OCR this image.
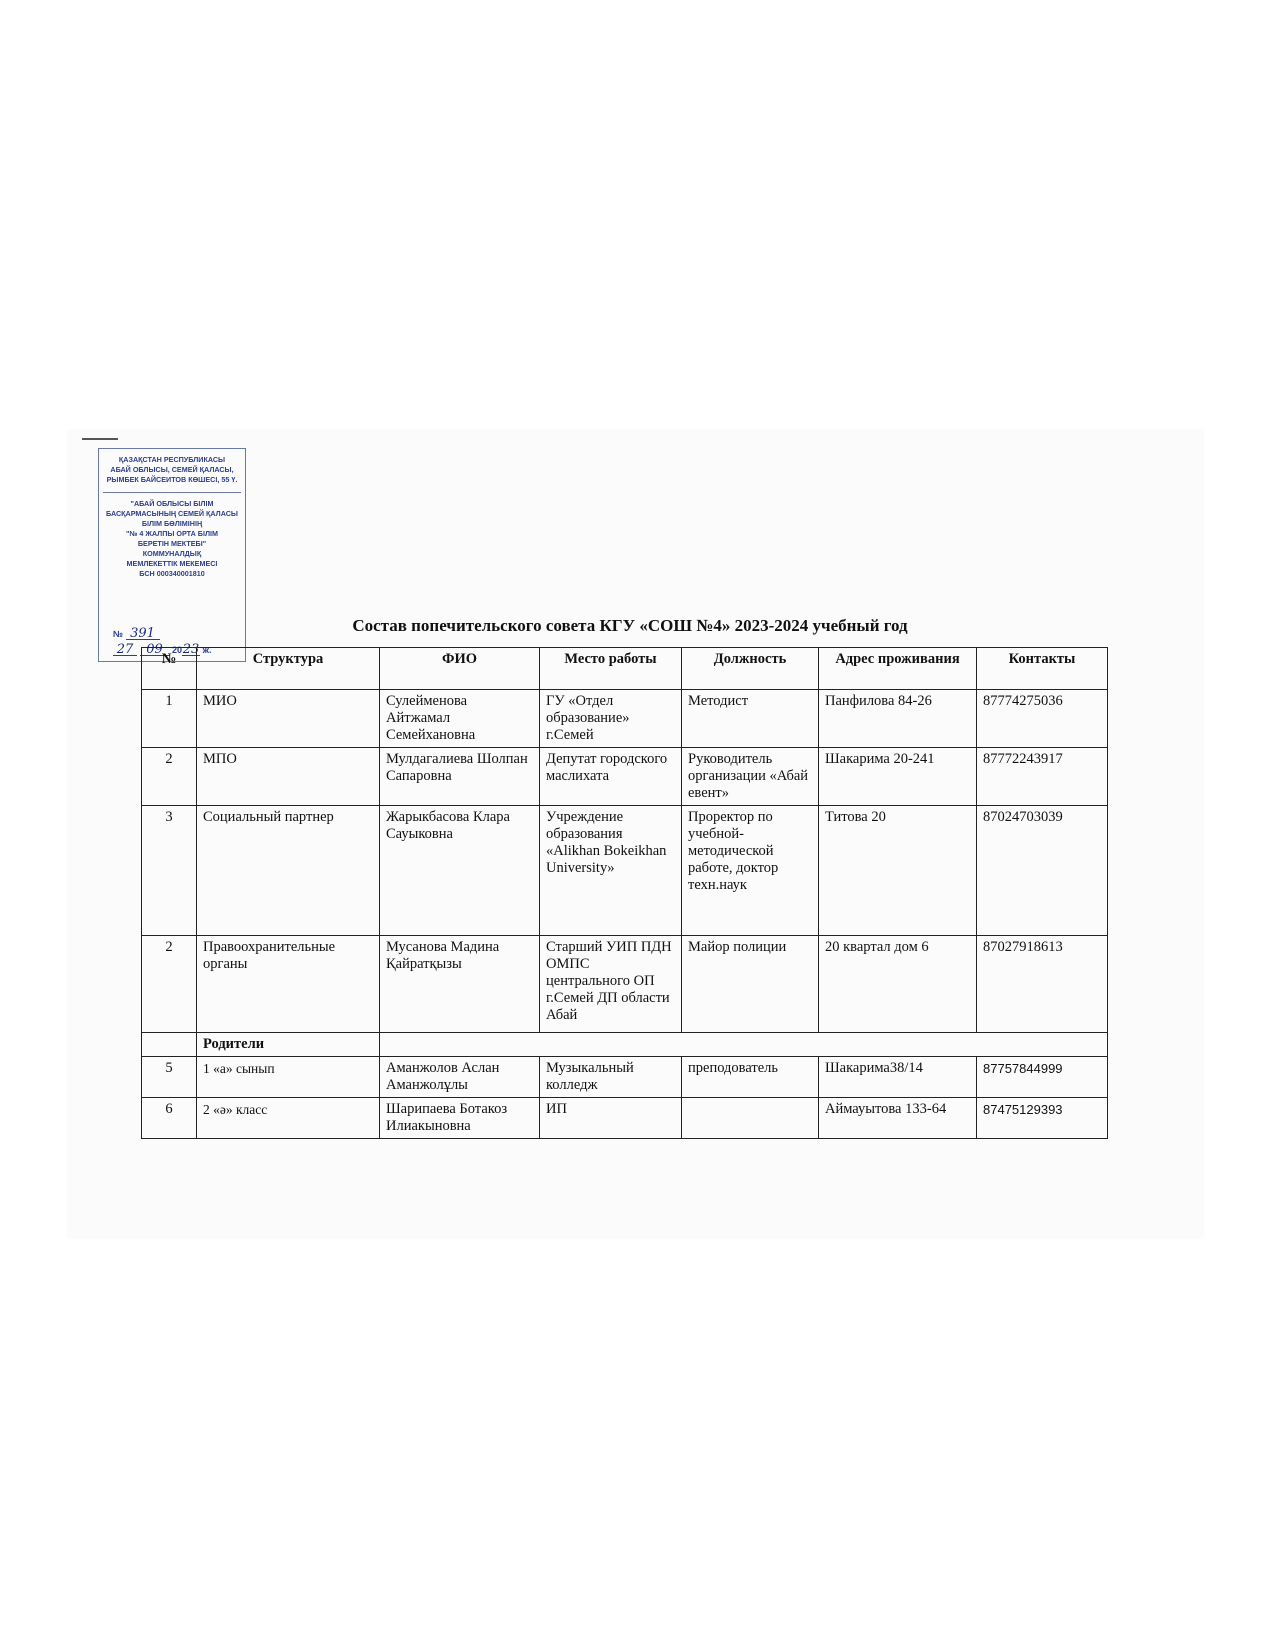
ҚАЗАҚСТАН РЕСПУБЛИКАСЫ
АБАЙ ОБЛЫСЫ, СЕМЕЙ ҚАЛАСЫ,
РЫМБЕК БАЙСЕИТОВ КӨШЕСІ, 55 Ү.
"АБАЙ ОБЛЫСЫ БІЛІМ
БАСҚАРМАСЫНЫҢ СЕМЕЙ ҚАЛАСЫ
БІЛІМ БӨЛІМІНІҢ
"№ 4 ЖАЛПЫ ОРТА БІЛІМ
БЕРЕТІН МЕКТЕБІ"
КОММУНАЛДЫҚ
МЕМЛЕКЕТТІК МЕКЕМЕСІ
БСН 000340001810
№ 391
27 09 2023 ж.
Состав попечительского совета КГУ «СОШ №4» 2023-2024 учебный год
№	Структура	ФИО	Место работы	Должность	Адрес проживания	Контакты
1	МИО	Сулейменова Айтжамал Семейхановна	ГУ «Отдел образование» г.Семей	Методист	Панфилова 84-26	87774275036
2	МПО	Мулдагалиева Шолпан Сапаровна	Депутат городского маслихата	Руководитель организации «Абай евент»	Шакарима 20-241	87772243917
3	Социальный партнер	Жарыкбасова Клара Сауыковна	Учреждение образования «Alikhan Bokeikhan University»	Проректор по учебной-методической работе, доктор техн.наук	Титова 20	87024703039
2	Правоохранительные органы	Мусанова Мадина Қайратқызы	Старший УИП ПДН ОМПС центрального ОП г.Семей ДП области Абай	Майор полиции	20 квартал дом 6	87027918613
	Родители					
5	1 «а» сынып	Аманжолов Аслан Аманжолұлы	Музыкальный колледж	преподователь	Шакарима38/14	87757844999
6	2 «ә» класс	Шарипаева Ботакоз Илиакыновна	ИП		Аймауытова 133-64	87475129393
